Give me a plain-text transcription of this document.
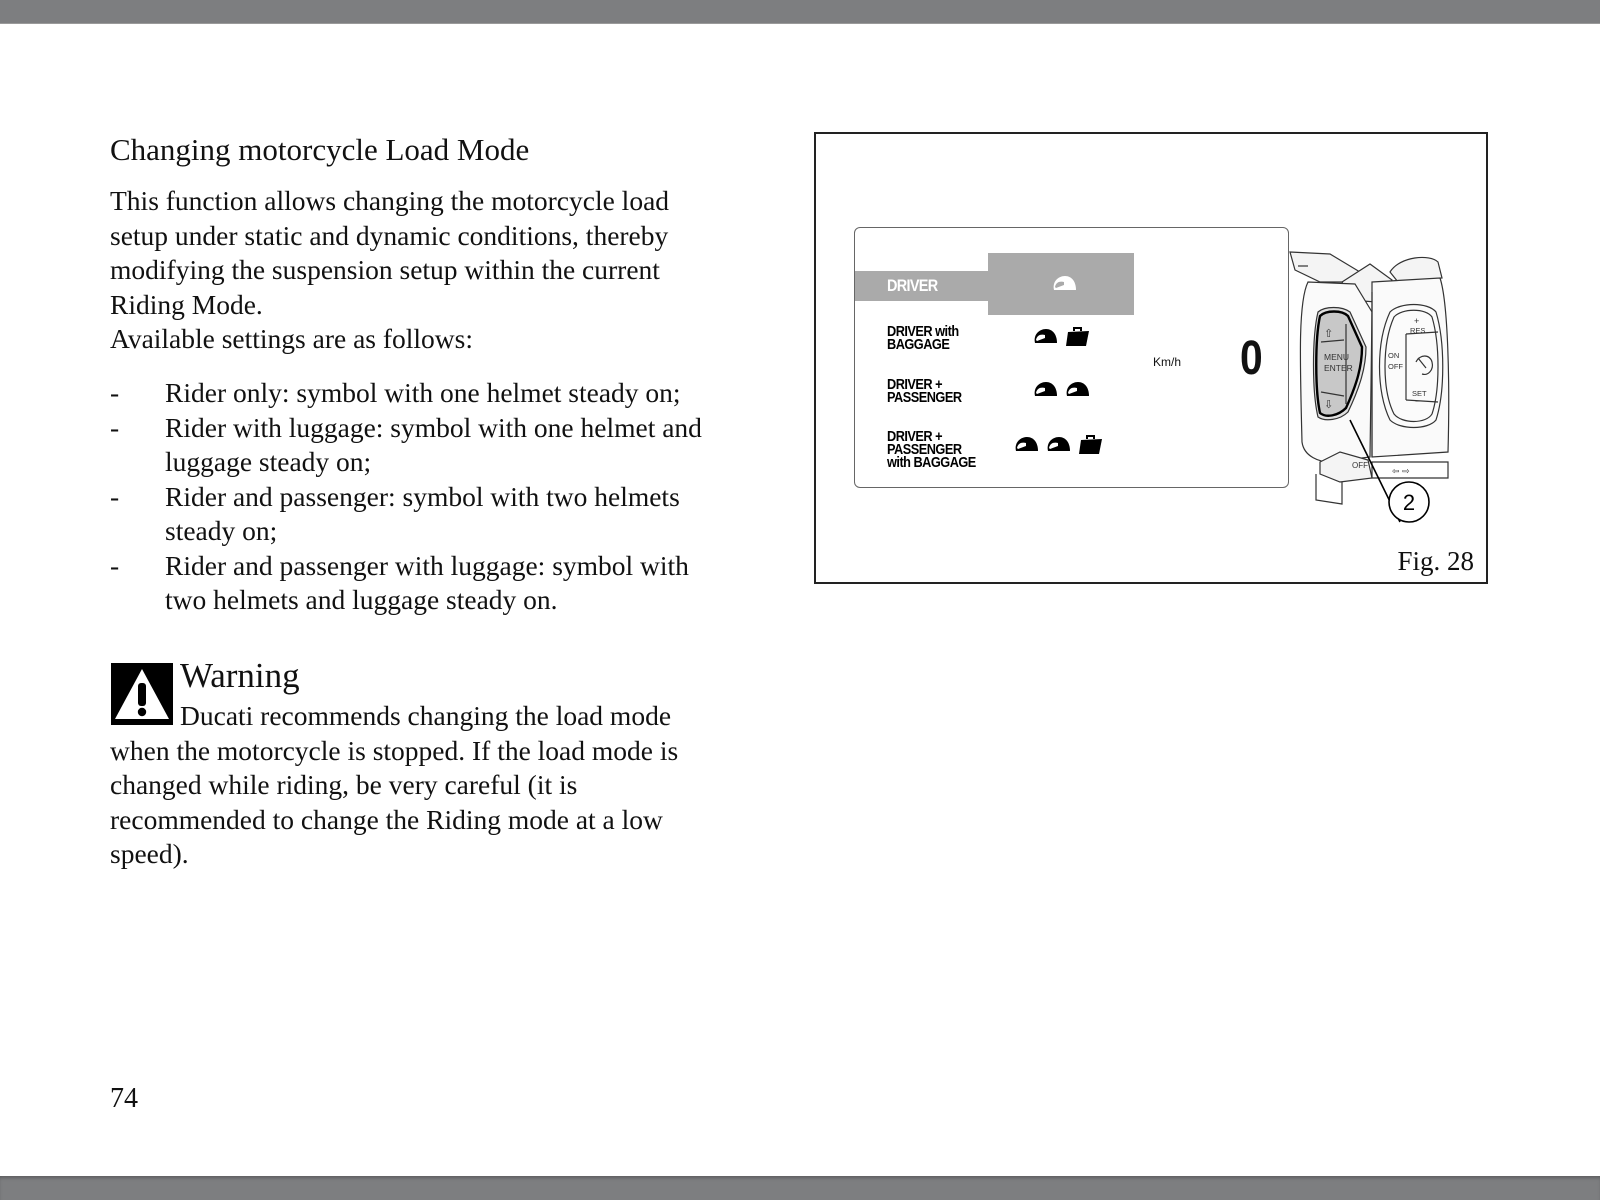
Changing motorcycle Load Mode
This function allows changing the motorcycle load
setup under static and dynamic conditions, thereby
modifying the suspension setup within the current
Riding Mode.
Available settings are as follows:
- Rider only: symbol with one helmet steady on;
- Rider with luggage: symbol with one helmet and
luggage steady on;
- Rider and passenger: symbol with two helmets
steady on;
- Rider and passenger with luggage: symbol with
two helmets and luggage steady on.
Warning
Ducati recommends changing the load mode
when the motorcycle is stopped. If the load mode is
changed while riding, be very careful (it is
recommended to change the Riding mode at a low
speed).
74
DRIVER
DRIVER with
BAGGAGE
DRIVER +
PASSENGER
DRIVER +
PASSENGER
with BAGGAGE
Km/h 0	⇧
MENU
ENTER
⇩
+
RES
ON
OFF
SET
−
OFF
⇦ ⇨
2
Fig. 28
